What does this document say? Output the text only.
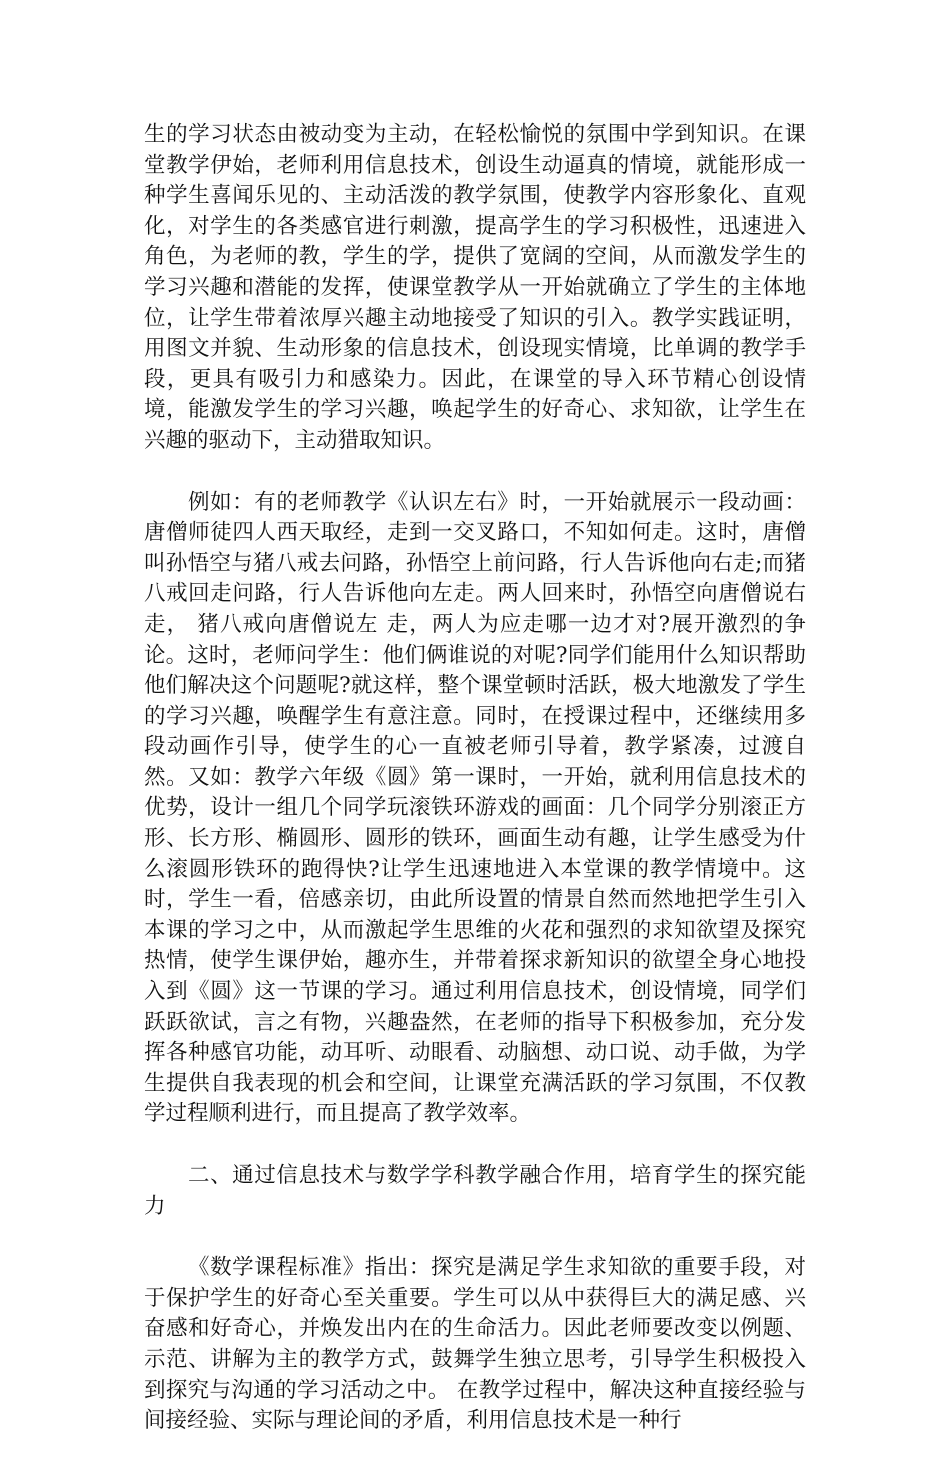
生的学习状态由被动变为主动，在轻松愉悦的氛围中学到知识。在课堂教学伊始，老师利用信息技术，创设生动逼真的情境，就能形成一种学生喜闻乐见的、主动活泼的教学氛围，使教学内容形象化、直观化，对学生的各类感官进行刺激，提高学生的学习积极性，迅速进入角色，为老师的教，学生的学，提供了宽阔的空间，从而激发学生的学习兴趣和潜能的发挥，使课堂教学从一开始就确立了学生的主体地位，让学生带着浓厚兴趣主动地接受了知识的引入。教学实践证明，用图文并貌、生动形象的信息技术，创设现实情境，比单调的教学手段，更具有吸引力和感染力。因此，在课堂的导入环节精心创设情境，能激发学生的学习兴趣，唤起学生的好奇心、求知欲，让学生在兴趣的驱动下，主动猎取知识。

例如：有的老师教学《认识左右》时，一开始就展示一段动画：唐僧师徒四人西天取经，走到一交叉路口，不知如何走。这时，唐僧叫孙悟空与猪八戒去问路，孙悟空上前问路，行人告诉他向右走;而猪八戒回走问路，行人告诉他向左走。两人回来时，孙悟空向唐僧说右 走， 猪八戒向唐僧说左 走，两人为应走哪一边才对?展开激烈的争论。这时，老师问学生：他们俩谁说的对呢?同学们能用什么知识帮助他们解决这个问题呢?就这样，整个课堂顿时活跃，极大地激发了学生的学习兴趣，唤醒学生有意注意。同时，在授课过程中，还继续用多段动画作引导，使学生的心一直被老师引导着，教学紧凑，过渡自然。又如：教学六年级《圆》第一课时，一开始，就利用信息技术的优势，设计一组几个同学玩滚铁环游戏的画面：几个同学分别滚正方形、长方形、椭圆形、圆形的铁环，画面生动有趣，让学生感受为什么滚圆形铁环的跑得快?让学生迅速地进入本堂课的教学情境中。这时，学生一看，倍感亲切，由此所设置的情景自然而然地把学生引入本课的学习之中，从而激起学生思维的火花和强烈的求知欲望及探究热情，使学生课伊始，趣亦生，并带着探求新知识的欲望全身心地投入到《圆》这一节课的学习。通过利用信息技术，创设情境，同学们跃跃欲试，言之有物，兴趣盎然，在老师的指导下积极参加，充分发挥各种感官功能，动耳听、动眼看、动脑想、动口说、动手做，为学生提供自我表现的机会和空间，让课堂充满活跃的学习氛围，不仅教学过程顺利进行，而且提高了教学效率。

二、通过信息技术与数学学科教学融合作用，培育学生的探究能力

《数学课程标准》指出：探究是满足学生求知欲的重要手段，对于保护学生的好奇心至关重要。学生可以从中获得巨大的满足感、兴奋感和好奇心，并焕发出内在的生命活力。因此老师要改变以例题、示范、讲解为主的教学方式，鼓舞学生独立思考，引导学生积极投入到探究与沟通的学习活动之中。 在教学过程中，解决这种直接经验与间接经验、实际与理论间的矛盾，利用信息技术是一种行
